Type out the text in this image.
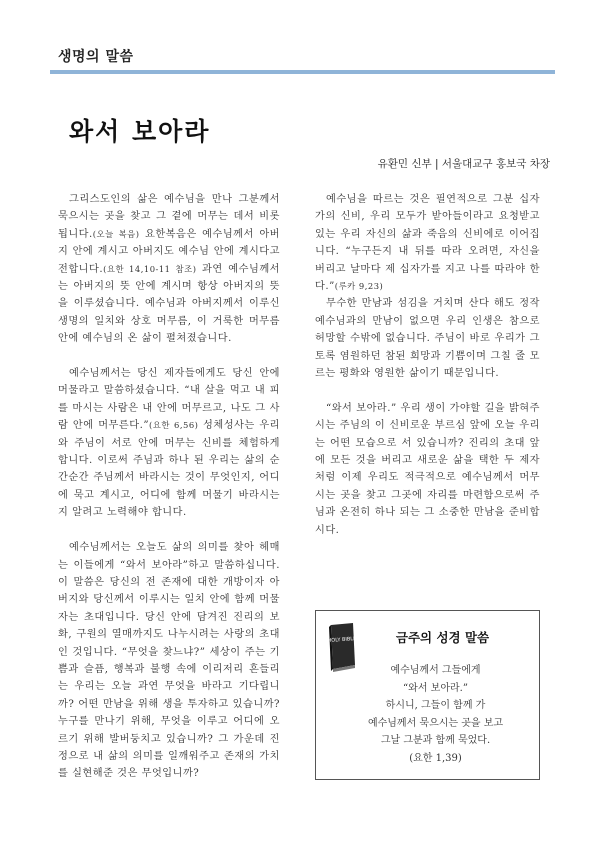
생명의 말씀
와서 보아라
유환민 신부 | 서울대교구 홍보국 차장

그리스도인의 삶은 예수님을 만나 그분께서 묵으시는 곳을 찾고 그 곁에 머무는 데서 비롯됩니다.(오늘 복음) 요한복음은 예수님께서 아버지 안에 계시고 아버지도 예수님 안에 계시다고 전합니다.(요한 14,10-11 참조) 과연 예수님께서는 아버지의 뜻 안에 계시며 항상 아버지의 뜻을 이루셨습니다. 예수님과 아버지께서 이루신 생명의 일치와 상호 머무름, 이 거룩한 머무름 안에 예수님의 온 삶이 펼쳐졌습니다.

예수님께서는 당신 제자들에게도 당신 안에 머물라고 말씀하셨습니다. “내 살을 먹고 내 피를 마시는 사람은 내 안에 머무르고, 나도 그 사람 안에 머무른다.”(요한 6,56) 성체성사는 우리와 주님이 서로 안에 머무는 신비를 체험하게 합니다. 이로써 주님과 하나 된 우리는 삶의 순간순간 주님께서 바라시는 것이 무엇인지, 어디에 묵고 계시고, 어디에 함께 머물기 바라시는지 알려고 노력해야 합니다.

예수님께서는 오늘도 삶의 의미를 찾아 헤매는 이들에게 “와서 보아라”하고 말씀하십니다. 이 말씀은 당신의 전 존재에 대한 개방이자 아버지와 당신께서 이루시는 일치 안에 함께 머물자는 초대입니다. 당신 안에 담겨진 진리의 보화, 구원의 열매까지도 나누시려는 사랑의 초대인 것입니다. “무엇을 찾느냐?” 세상이 주는 기쁨과 슬픔, 행복과 불행 속에 이리저리 흔들리는 우리는 오늘 과연 무엇을 바라고 기다립니까? 어떤 만남을 위해 생을 투자하고 있습니까? 누구를 만나기 위해, 무엇을 이루고 어디에 오르기 위해 발버둥치고 있습니까? 그 가운데 진정으로 내 삶의 의미를 일깨워주고 존재의 가치를 실현해준 것은 무엇입니까?

예수님을 따르는 것은 필연적으로 그분 십자가의 신비, 우리 모두가 받아들이라고 요청받고 있는 우리 자신의 삶과 죽음의 신비에로 이어집니다. “누구든지 내 뒤를 따라 오려면, 자신을 버리고 날마다 제 십자가를 지고 나를 따라야 한다.”(루카 9,23)

무수한 만남과 섬김을 거치며 산다 해도 정작 예수님과의 만남이 없으면 우리 인생은 참으로 허망할 수밖에 없습니다. 주님이 바로 우리가 그토록 염원하던 참된 희망과 기쁨이며 그칠 줄 모르는 평화와 영원한 삶이기 때문입니다.

“와서 보아라.” 우리 생이 가야할 길을 밝혀주시는 주님의 이 신비로운 부르심 앞에 오늘 우리는 어떤 모습으로 서 있습니까? 진리의 초대 앞에 모든 것을 버리고 새로운 삶을 택한 두 제자처럼 이제 우리도 적극적으로 예수님께서 머무시는 곳을 찾고 그곳에 자리를 마련함으로써 주님과 온전히 하나 되는 그 소중한 만남을 준비합시다.

HOLY BIBLE	금주의 성경 말씀
예수님께서 그들에게
“와서 보아라.”
하시니, 그들이 함께 가
예수님께서 묵으시는 곳을 보고
그날 그분과 함께 묵었다.
(요한 1,39)
